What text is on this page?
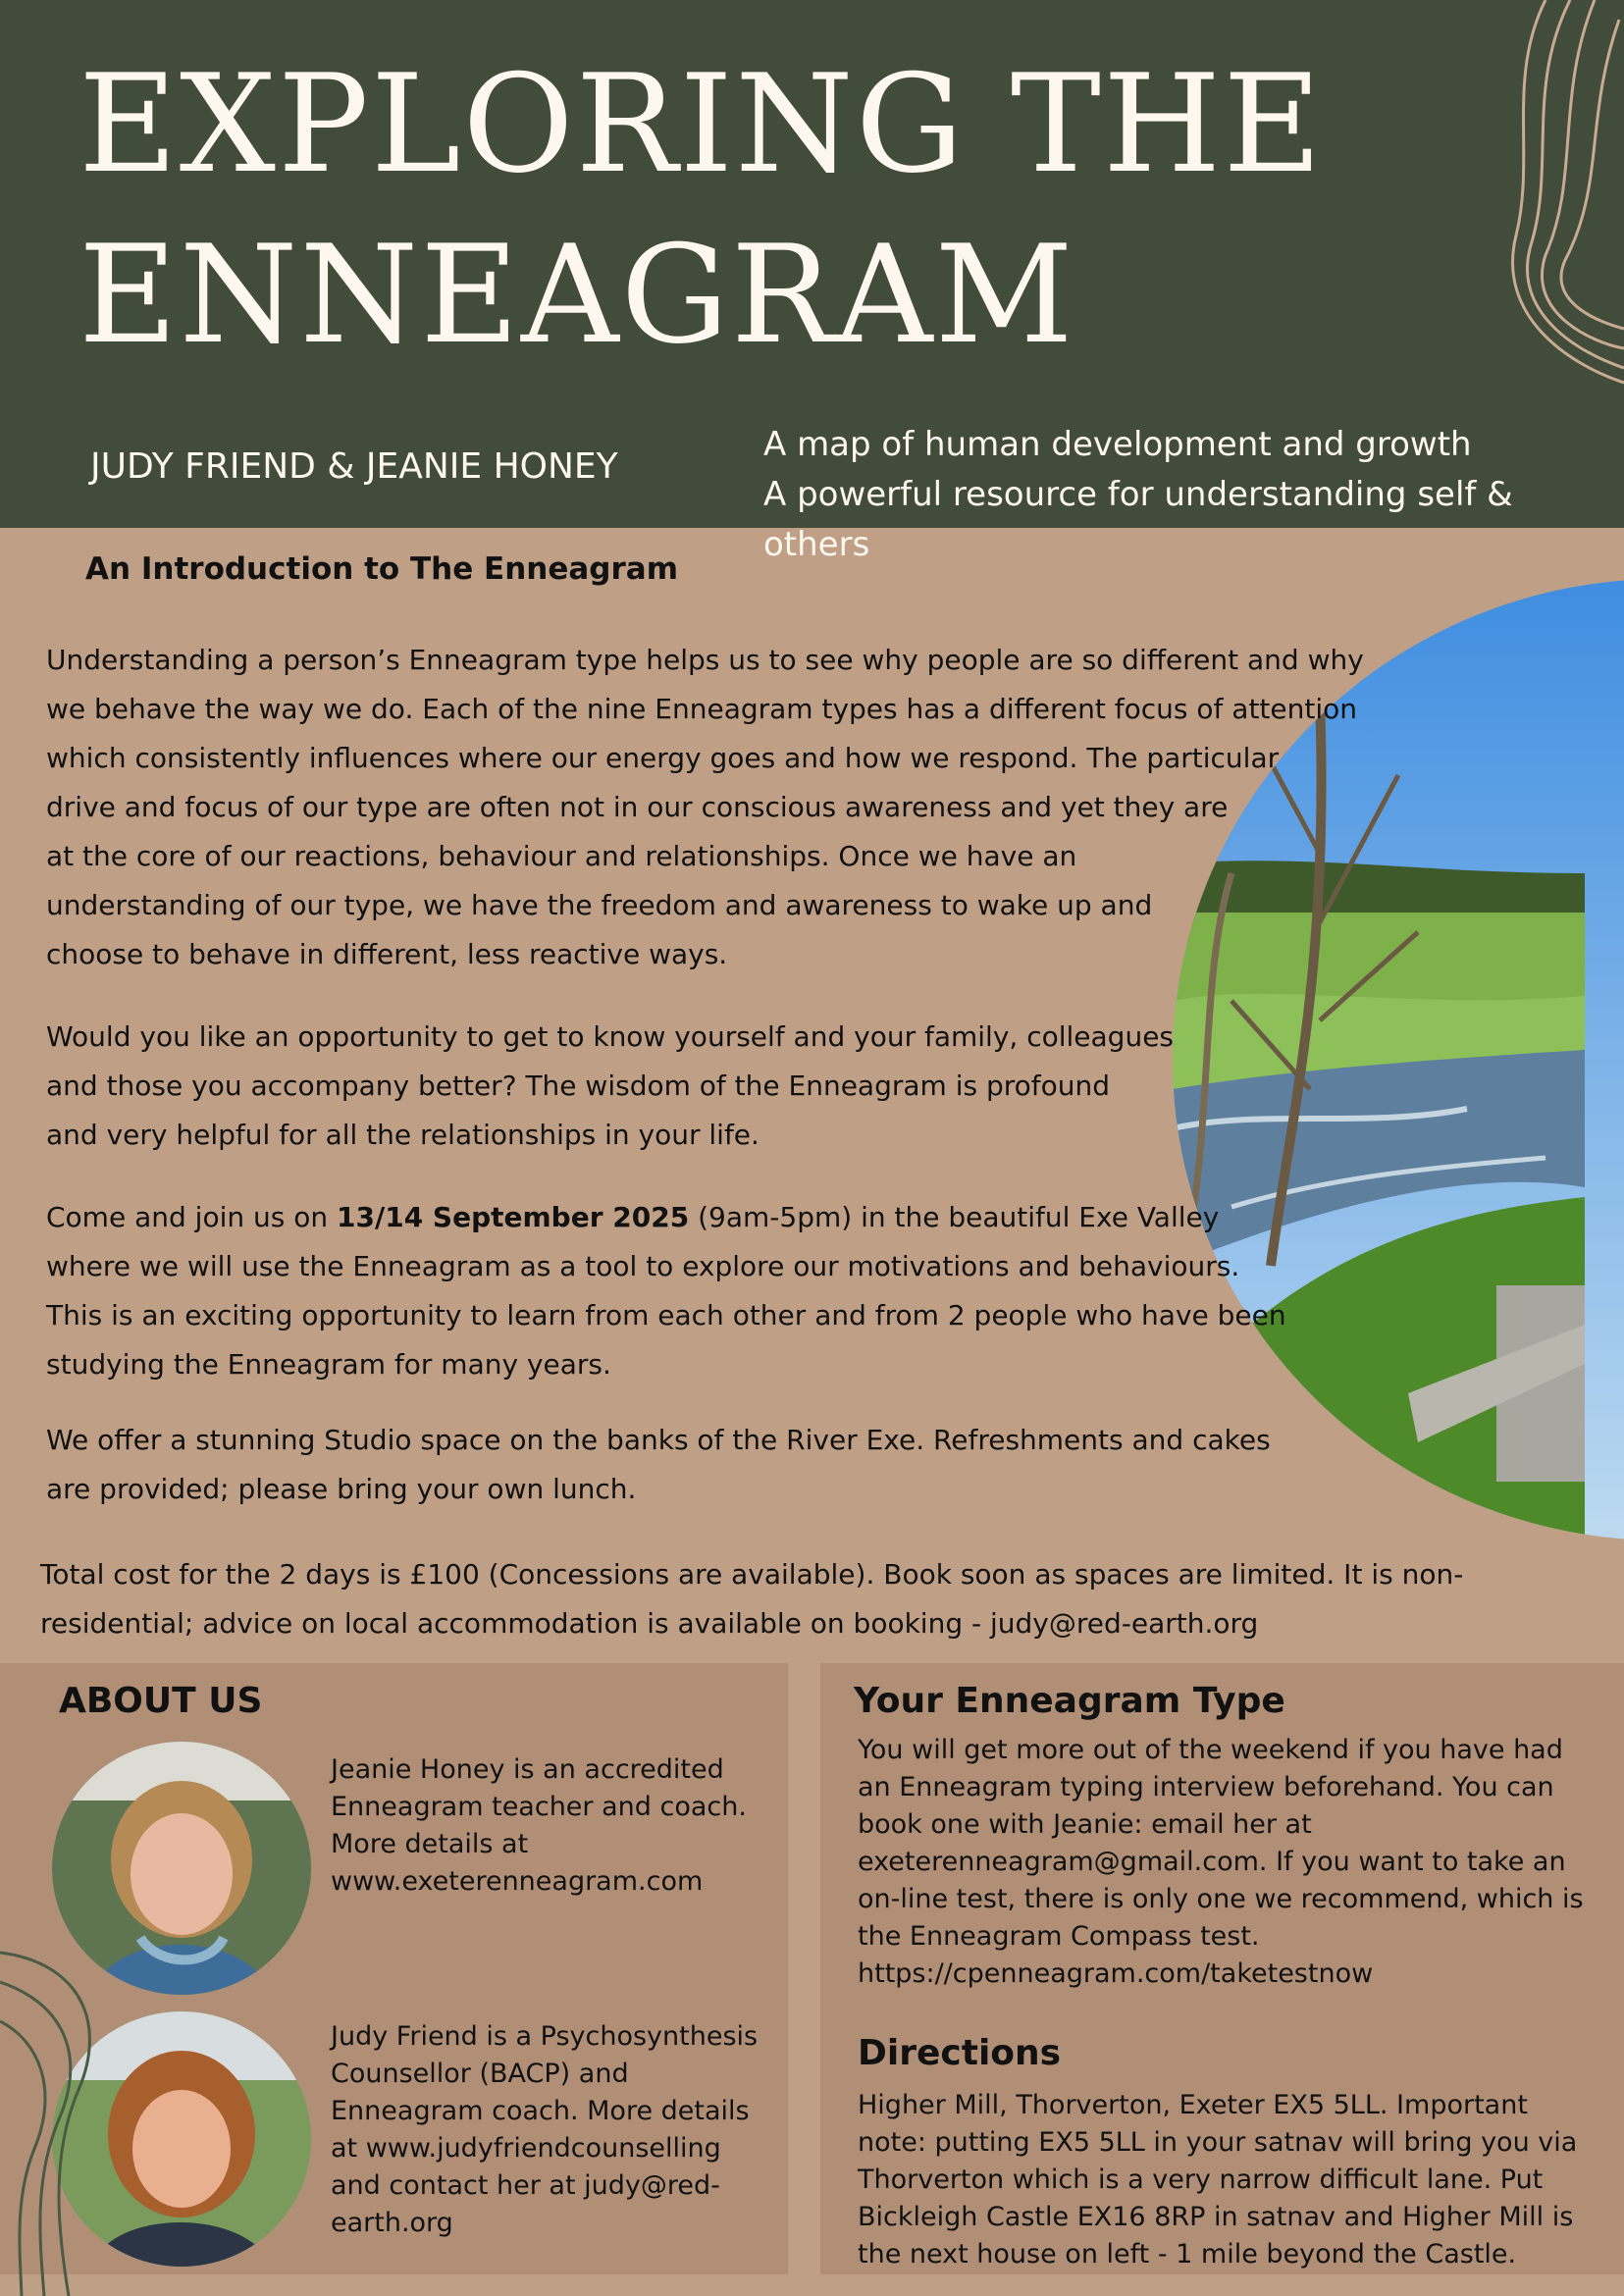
EXPLORING THE
ENNEAGRAM
JUDY FRIEND & JEANIE HONEY
A map of human development and growth
A powerful resource for understanding self & others
An Introduction to The Enneagram
Understanding a person’s Enneagram type helps us to see why people are so different and why
we behave the way we do. Each of the nine Enneagram types has a different focus of attention
which consistently influences where our energy goes and how we respond. The particular
drive and focus of our type are often not in our conscious awareness and yet they are
at the core of our reactions, behaviour and relationships. Once we have an
understanding of our type, we have the freedom and awareness to wake up and
choose to behave in different, less reactive ways.
Would you like an opportunity to get to know yourself and your family, colleagues
and those you accompany better? The wisdom of the Enneagram is profound
and very helpful for all the relationships in your life.
Come and join us on 13/14 September 2025 (9am-5pm) in the beautiful Exe Valley
where we will use the Enneagram as a tool to explore our motivations and behaviours.
This is an exciting opportunity to learn from each other and from 2 people who have been
studying the Enneagram for many years.
We offer a stunning Studio space on the banks of the River Exe. Refreshments and cakes
are provided; please bring your own lunch.
Total cost for the 2 days is £100 (Concessions are available). Book soon as spaces are limited. It is non-
residential; advice on local accommodation is available on booking - judy@red-earth.org
ABOUT US
Jeanie Honey is an accredited
Enneagram teacher and coach.
More details at
www.exeterenneagram.com
Judy Friend is a Psychosynthesis
Counsellor (BACP) and
Enneagram coach. More details
at www.judyfriendcounselling
and contact her at judy@red-
earth.org
Your Enneagram Type
You will get more out of the weekend if you have had
an Enneagram typing interview beforehand. You can
book one with Jeanie: email her at
exeterenneagram@gmail.com. If you want to take an
on-line test, there is only one we recommend, which is
the Enneagram Compass test.
https://cpenneagram.com/taketestnow
Directions
Higher Mill, Thorverton, Exeter EX5 5LL. Important
note: putting EX5 5LL in your satnav will bring you via
Thorverton which is a very narrow difficult lane. Put
Bickleigh Castle EX16 8RP in satnav and Higher Mill is
the next house on left - 1 mile beyond the Castle.
